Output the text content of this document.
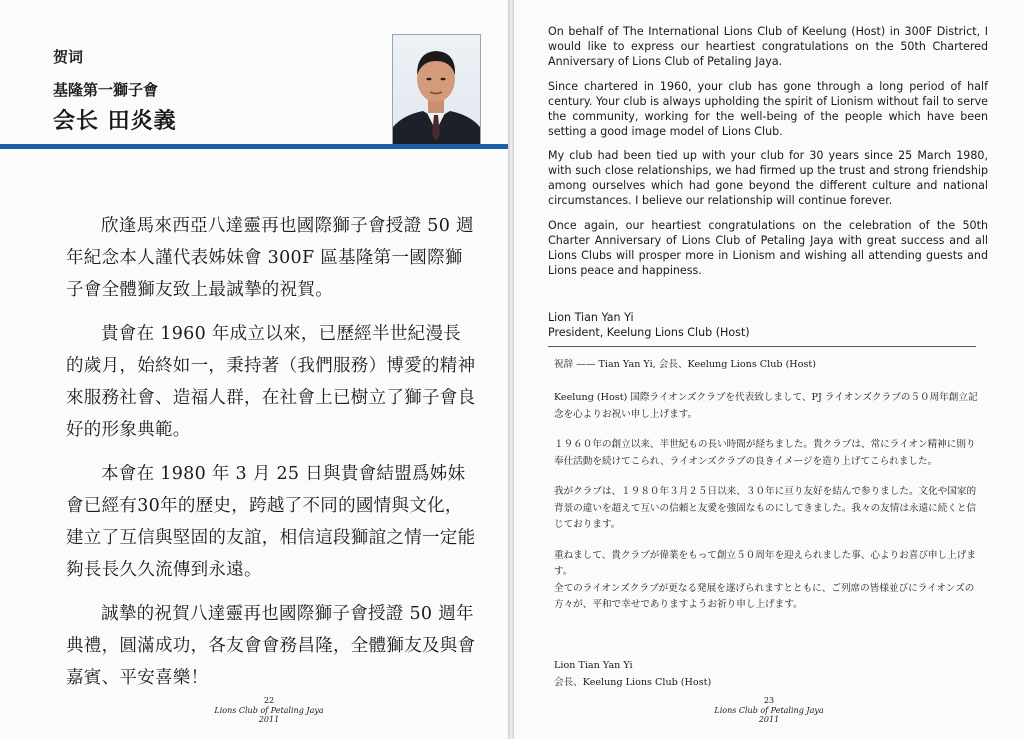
贺词
基隆第一獅子會
会长 田炎義

欣逢馬來西亞八達靈再也國際獅子會授證 50 週年紀念本人謹代表姊妹會 300F 區基隆第一國際獅子會全體獅友致上最誠摯的祝賀。

貴會在 1960 年成立以來，已歷經半世紀漫長的歲月，始終如一，秉持著（我們服務）博愛的精神來服務社會、造福人群，在社會上已樹立了獅子會良好的形象典範。

本會在 1980 年 3 月 25 日與貴會結盟爲姊妹會已經有30年的歷史，跨越了不同的國情與文化，建立了互信與堅固的友誼，相信這段獅誼之情一定能夠長長久久流傳到永遠。

誠摯的祝賀八達靈再也國際獅子會授證 50 週年典禮，圓滿成功，各友會會務昌隆，全體獅友及與會嘉賓、平安喜樂！

22
Lions Club of Petaling Jaya 2011

On behalf of The International Lions Club of Keelung (Host) in 300F District, I would like to express our heartiest congratulations on the 50th Chartered Anniversary of Lions Club of Petaling Jaya.

Since chartered in 1960, your club has gone through a long period of half century. Your club is always upholding the spirit of Lionism without fail to serve the community, working for the well-being of the people which have been setting a good image model of Lions Club.

My club had been tied up with your club for 30 years since 25 March 1980, with such close relationships, we had firmed up the trust and strong friendship among ourselves which had gone beyond the different culture and national circumstances. I believe our relationship will continue forever.

Once again, our heartiest congratulations on the celebration of the 50th Charter Anniversary of Lions Club of Petaling Jaya with great success and all Lions Clubs will prosper more in Lionism and wishing all attending guests and Lions peace and happiness.

Lion Tian Yan Yi
President, Keelung Lions Club (Host)
祝辞 —— Tian Yan Yi, 会長、Keelung Lions Club (Host)

Keelung (Host) 国際ライオンズクラブを代表致しまして、PJ ライオンズクラブの５０周年創立記念を心よりお祝い申し上げます。

１９６０年の創立以来、半世紀もの長い時間が経ちました。貴クラブは、常にライオン精神に則り奉仕活動を続けてこられ、ライオンズクラブの良きイメージを造り上げてこられました。

我がクラブは、１９８０年３月２５日以来、３０年に亘り友好を結んで参りました。文化や国家的背景の違いを超えて互いの信頼と友愛を強固なものにしてきました。我々の友情は永遠に続くと信じております。

重ねまして、貴クラブが偉業をもって創立５０周年を迎えられました事、心よりお喜び申し上げます。

全てのライオンズクラブが更なる発展を遂げられますとともに、ご列席の皆様並びにライオンズの方々が、平和で幸せでありますようお祈り申し上げます。

Lion Tian Yan Yi
会長、Keelung Lions Club (Host)
23
Lions Club of Petaling Jaya 2011
